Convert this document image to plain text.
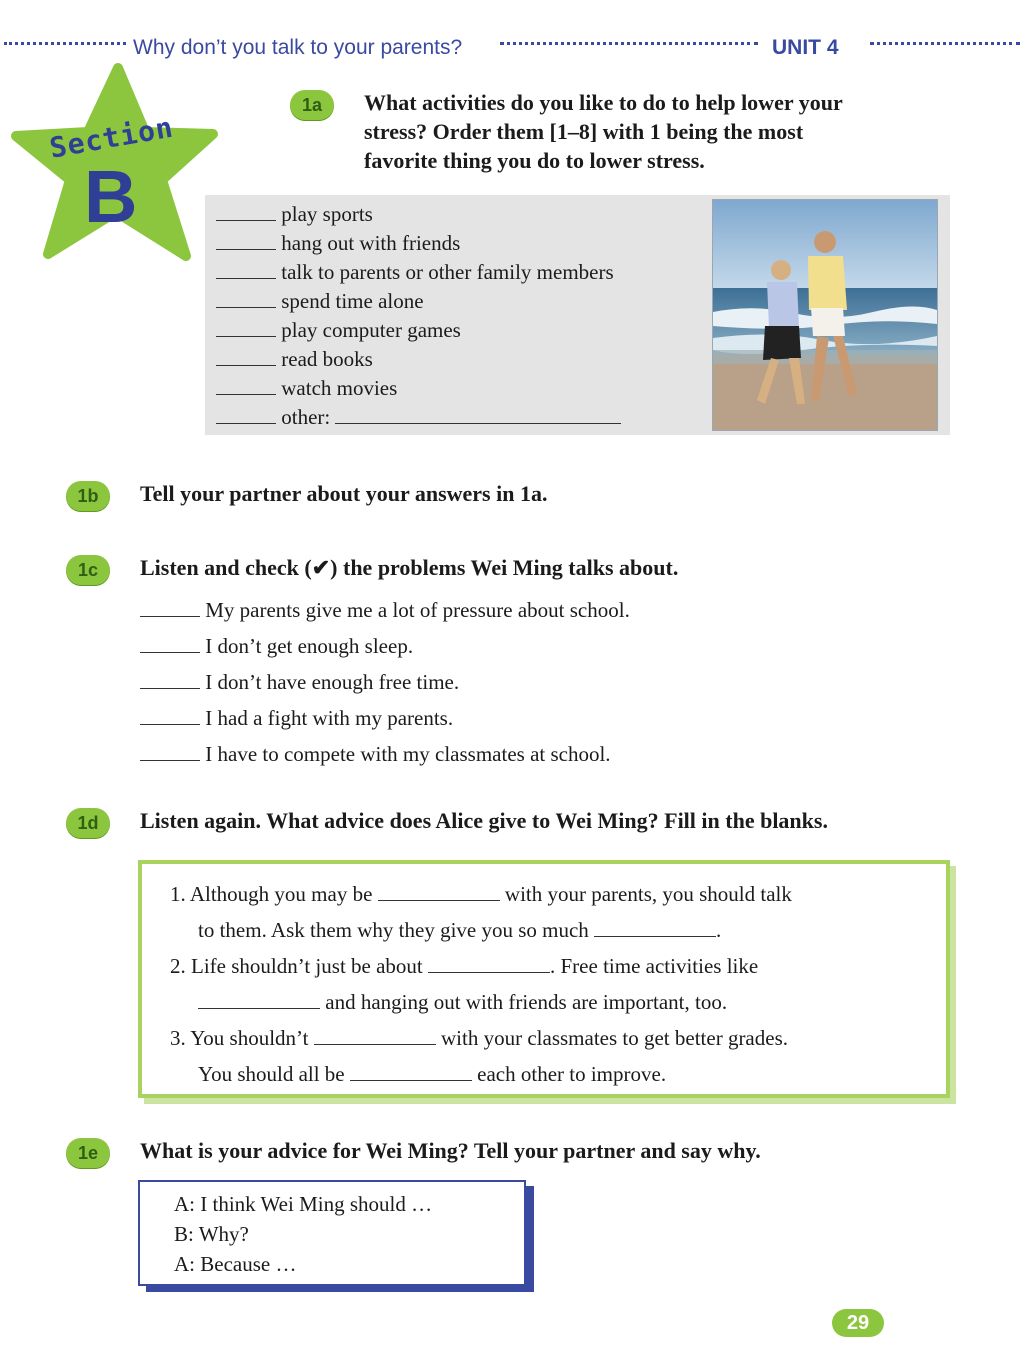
Why don’t you talk to your parents?	UNIT 4
Section
B
1a	What activities do you like to do to help lower your
stress? Order them [1–8] with 1 being the most
favorite thing you do to lower stress.
play sports
hang out with friends
talk to parents or other family members
spend time alone
play computer games
read books
watch movies
other:
1b	Tell your partner about your answers in 1a.
1c	Listen and check (✔) the problems Wei Ming talks about.
My parents give me a lot of pressure about school.
I don’t get enough sleep.
I don’t have enough free time.
I had a fight with my parents.
I have to compete with my classmates at school.
1d	Listen again. What advice does Alice give to Wei Ming? Fill in the blanks.
1. Although you may be	with your parents, you should talk
to them. Ask them why they give you so much	.
2. Life shouldn’t just be about	. Free time activities like
and hanging out with friends are important, too.
3. You shouldn’t	with your classmates to get better grades.
You should all be	each other to improve.
1e	What is your advice for Wei Ming? Tell your partner and say why.
A: I think Wei Ming should …
B: Why?
A: Because …
29
